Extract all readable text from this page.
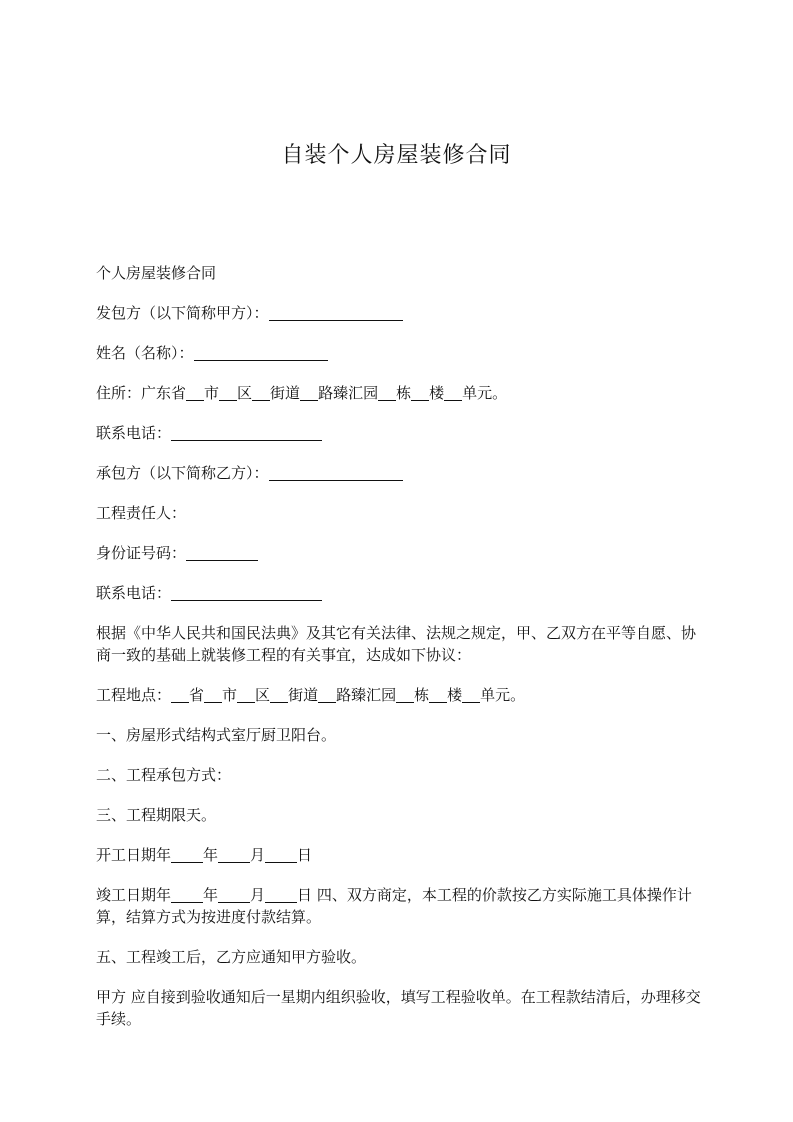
自装个人房屋装修合同
个人房屋装修合同
发包方（以下简称甲方）：
姓名（名称）：
住所：广东省 市 区 街道 路臻汇园 栋 楼 单元。
联系电话：
承包方（以下简称乙方）：
工程责任人：
身份证号码：
联系电话：
根据《中华人民共和国民法典》及其它有关法律、法规之规定，甲、乙双方在平等自愿、协商一致的基础上就装修工程的有关事宜，达成如下协议：
工程地点： 省 市 区 街道 路臻汇园 栋 楼 单元。
一、房屋形式结构式室厅厨卫阳台。
二、工程承包方式：
三、工程期限天。
开工日期年 年 月 日
竣工日期年 年 月 日 四、双方商定，本工程的价款按乙方实际施工具体操作计算，结算方式为按进度付款结算。
五、工程竣工后，乙方应通知甲方验收。
甲方 应自接到验收通知后一星期内组织验收，填写工程验收单。在工程款结清后，办理移交手续。
